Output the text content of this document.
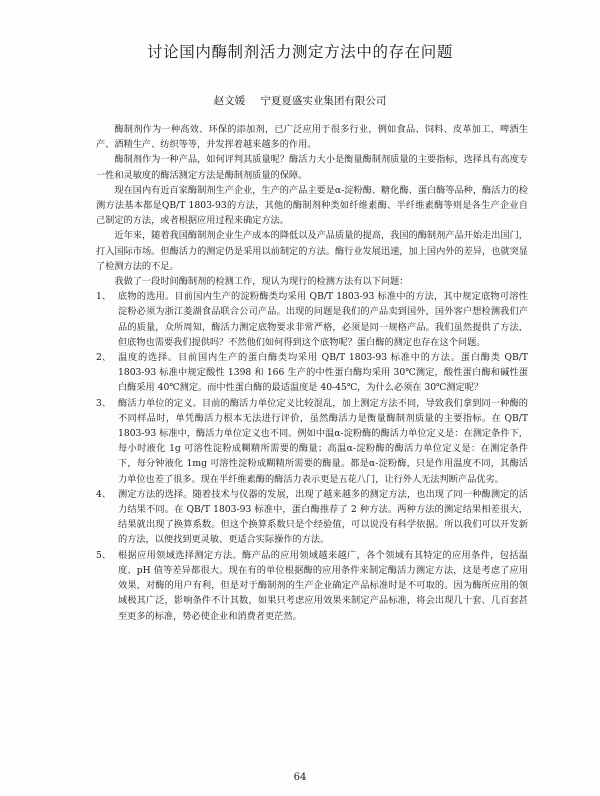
讨论国内酶制剂活力测定方法中的存在问题
赵文媛 宁夏夏盛实业集团有限公司

酶制剂作为一种高效、环保的添加剂，已广泛应用于很多行业，例如食品、饲料、皮革加工、啤酒生产、酒精生产、纺织等等，并发挥着越来越多的作用。

酶制剂作为一种产品，如何评判其质量呢？酶活力大小是衡量酶制剂质量的主要指标，选择具有高度专一性和灵敏度的酶活测定方法是酶制剂质量的保障。

现在国内有近百家酶制剂生产企业，生产的产品主要是α-淀粉酶、糖化酶、蛋白酶等品种，酶活力的检测方法基本都是QB/T 1803-93的方法，其他的酶制剂种类如纤维素酶、半纤维素酶等则是各生产企业自己制定的方法，或者根据应用过程来确定方法。

近年来，随着我国酶制剂企业生产成本的降低以及产品质量的提高，我国的酶制剂产品开始走出国门，打入国际市场。但酶活力的测定仍是采用以前制定的方法。酶行业发展迅速，加上国内外的差异，也就突显了检测方法的不足。

我做了一段时间酶制剂的检测工作，现认为现行的检测方法有以下问题：

1、 底物的选用。目前国内生产的淀粉酶类均采用 QB/T 1803-93 标准中的方法，其中规定底物可溶性淀粉必须为浙江菱湖食品联合公司产品。出现的问题是我们的产品卖到国外，国外客户想检测我们产品的质量，众所周知，酶活力测定底物要求非常严格，必须是同一规格产品。我们虽然提供了方法，但底物也需要我们提供吗？不然他们如何得到这个底物呢？蛋白酶的测定也存在这个问题。
2、 温度的选择。目前国内生产的蛋白酶类均采用 QB/T 1803-93 标准中的方法。蛋白酶类 QB/T 1803-93 标准中规定酸性 1398 和 166 生产的中性蛋白酶均采用 30℃测定，酸性蛋白酶和碱性蛋白酶采用 40℃测定。而中性蛋白酶的最适温度是 40-45℃，为什么必须在 30℃测定呢？
3、 酶活力单位的定义。目前的酶活力单位定义比较混乱，加上测定方法不同，导致我们拿到同一种酶的不同样品时，单凭酶活力根本无法进行评价，虽然酶活力是衡量酶制剂质量的主要指标。在 QB/T 1803-93 标准中，酶活力单位定义也不同。例如中温α-淀粉酶的酶活力单位定义是：在测定条件下，每小时液化 1g 可溶性淀粉成糊精所需要的酶量；高温α-淀粉酶的酶活力单位定义是：在测定条件下，每分钟液化 1mg 可溶性淀粉成糊精所需要的酶量。都是α-淀粉酶，只是作用温度不同，其酶活力单位也差了很多。现在半纤维素酶的酶活力表示更是五花八门，让行外人无法判断产品优劣。
4、 测定方法的选择。随着技术与仪器的发展，出现了越来越多的测定方法，也出现了同一种酶测定的活力结果不同。在 QB/T 1803-93 标准中，蛋白酶推荐了 2 种方法。两种方法的测定结果相差很大，结果就出现了换算系数。但这个换算系数只是个经验值，可以说没有科学依据。所以我们可以开发新的方法，以便找到更灵敏、更适合实际操作的方法。
5、 根据应用领域选择测定方法。酶产品的应用领域越来越广，各个领域有其特定的应用条件，包括温度、pH 值等差异都很大。现在有的单位根据酶的应用条件来制定酶活力测定方法，这是考虑了应用效果，对酶的用户有利，但是对于酶制剂的生产企业确定产品标准时是不可取的。因为酶所应用的领域极其广泛，影响条件不计其数，如果只考虑应用效果来制定产品标准，将会出现几十套、几百套甚至更多的标准，势必使企业和消费者更茫然。
64
